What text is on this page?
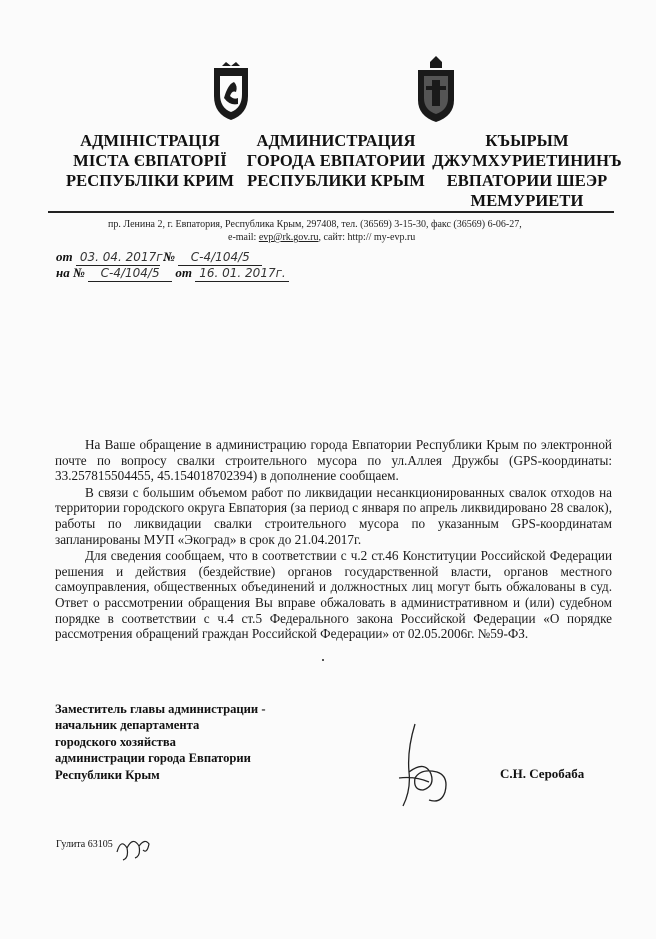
АДМІНІСТРАЦІЯ
МІСТА ЄВПАТОРІЇ
РЕСПУБЛІКИ КРИМ
АДМИНИСТРАЦИЯ
ГОРОДА ЕВПАТОРИИ
РЕСПУБЛИКИ КРЫМ
КЪЫРЫМ
ДЖУМХУРИЕТИНИНЪ
ЕВПАТОРИИ ШЕЭР
МЕМУРИЕТИ
пр. Ленина 2, г. Евпатория, Республика Крым, 297408, тел. (36569) 3-15-30, факс (36569) 6-06-27,
e-mail: evp@rk.gov.ru, сайт: http:// my-evp.ru
от 03. 04. 2017г. № С-4/104/5
на № С-4/104/5 от 16. 01. 2017г.

На Ваше обращение в администрацию города Евпатории Республики Крым по электронной почте по вопросу свалки строительного мусора по ул.Аллея Дружбы (GPS-координаты: 33.257815504455, 45.154018702394) в дополнение сообщаем.

В связи с большим объемом работ по ликвидации несанкционированных свалок отходов на территории городского округа Евпатория (за период с января по апрель ликвидировано 28 свалок), работы по ликвидации свалки строительного мусора по указанным GPS-координатам запланированы МУП «Экоград» в срок до 21.04.2017г.

Для сведения сообщаем, что в соответствии с ч.2 ст.46 Конституции Российской Федерации решения и действия (бездействие) органов государственной власти, органов местного самоуправления, общественных объединений и должностных лиц могут быть обжалованы в суд. Ответ о рассмотрении обращения Вы вправе обжаловать в административном и (или) судебном порядке в соответствии с ч.4 ст.5 Федерального закона Российской Федерации «О порядке рассмотрения обращений граждан Российской Федерации» от 02.05.2006г. №59-ФЗ.

Заместитель главы администрации -
начальник департамента
городского хозяйства
администрации города Евпатории
Республики Крым	С.Н. Серобаба
Гулита 63105
